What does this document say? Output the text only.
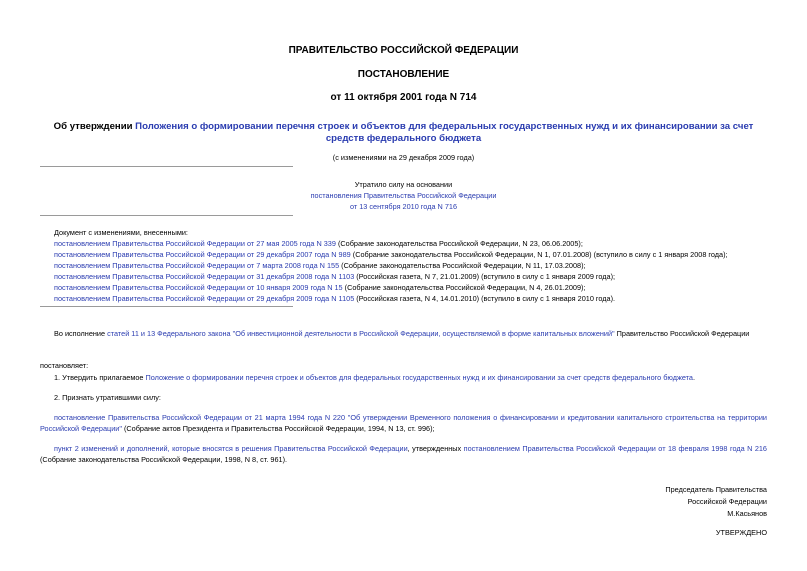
ПРАВИТЕЛЬСТВО РОССИЙСКОЙ ФЕДЕРАЦИИ
ПОСТАНОВЛЕНИЕ
от 11 октября 2001 года N 714
Об утверждении Положения о формировании перечня строек и объектов для федеральных государственных нужд и их финансировании за счет средств федерального бюджета
(с изменениями на 29 декабря 2009 года)
Утратило силу на основании
постановления Правительства Российской Федерации
от 13 сентября 2010 года N 716
Документ с изменениями, внесенными:
постановлением Правительства Российской Федерации от 27 мая 2005 года N 339 (Собрание законодательства Российской Федерации, N 23, 06.06.2005);
постановлением Правительства Российской Федерации от 29 декабря 2007 года N 989 (Собрание законодательства Российской Федерации, N 1, 07.01.2008) (вступило в силу с 1 января 2008 года);
постановлением Правительства Российской Федерации от 7 марта 2008 года N 155 (Собрание законодательства Российской Федерации, N 11, 17.03.2008);
постановлением Правительства Российской Федерации от 31 декабря 2008 года N 1103 (Российская газета, N 7, 21.01.2009) (вступило в силу с 1 января 2009 года);
постановлением Правительства Российской Федерации от 10 января 2009 года N 15 (Собрание законодательства Российской Федерации, N 4, 26.01.2009);
постановлением Правительства Российской Федерации от 29 декабря 2009 года N 1105 (Российская газета, N 4, 14.01.2010) (вступило в силу с 1 января 2010 года).
Во исполнение статей 11 и 13 Федерального закона "Об инвестиционной деятельности в Российской Федерации, осуществляемой в форме капитальных вложений" Правительство Российской Федерации
постановляет:
1. Утвердить прилагаемое Положение о формировании перечня строек и объектов для федеральных государственных нужд и их финансировании за счет средств федерального бюджета.
2. Признать утратившими силу:
постановление Правительства Российской Федерации от 21 марта 1994 года N 220 "Об утверждении Временного положения о финансировании и кредитовании капитального строительства на территории Российской Федерации" (Собрание актов Президента и Правительства Российской Федерации, 1994, N 13, ст. 996);
пункт 2 изменений и дополнений, которые вносятся в решения Правительства Российской Федерации, утвержденных постановлением Правительства Российской Федерации от 18 февраля 1998 года N 216 (Собрание законодательства Российской Федерации, 1998, N 8, ст. 961).
Председатель Правительства
Российской Федерации
М.Касьянов
УТВЕРЖДЕНО
